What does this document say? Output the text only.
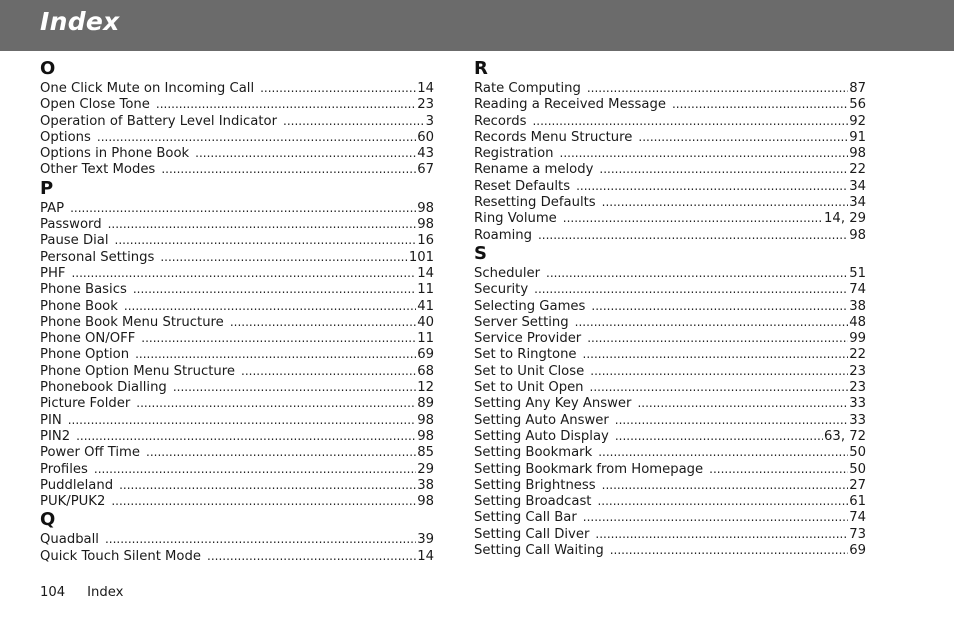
Index
O
One Click Mute on Incoming Call .....	14
Open Close Tone .....	23
Operation of Battery Level Indicator .....	3
Options .....	60
Options in Phone Book .....	43
Other Text Modes .....	67
P
PAP .....	98
Password .....	98
Pause Dial .....	16
Personal Settings .....	101
PHF .....	14
Phone Basics .....	11
Phone Book .....	41
Phone Book Menu Structure .....	40
Phone ON/OFF .....	11
Phone Option .....	69
Phone Option Menu Structure .....	68
Phonebook Dialling .....	12
Picture Folder .....	89
PIN .....	98
PIN2 .....	98
Power Off Time .....	85
Profiles .....	29
Puddleland .....	38
PUK/PUK2 .....	98
Q
Quadball .....	39
Quick Touch Silent Mode .....	14
R
Rate Computing .....	87
Reading a Received Message .....	56
Records .....	92
Records Menu Structure .....	91
Registration .....	98
Rename a melody .....	22
Reset Defaults .....	34
Resetting Defaults .....	34
Ring Volume .....	14, 29
Roaming .....	98
S
Scheduler .....	51
Security .....	74
Selecting Games .....	38
Server Setting .....	48
Service Provider .....	99
Set to Ringtone .....	22
Set to Unit Close .....	23
Set to Unit Open .....	23
Setting Any Key Answer .....	33
Setting Auto Answer .....	33
Setting Auto Display .....	63, 72
Setting Bookmark .....	50
Setting Bookmark from Homepage .....	50
Setting Brightness .....	27
Setting Broadcast .....	61
Setting Call Bar .....	74
Setting Call Diver .....	73
Setting Call Waiting .....	69
104 Index
